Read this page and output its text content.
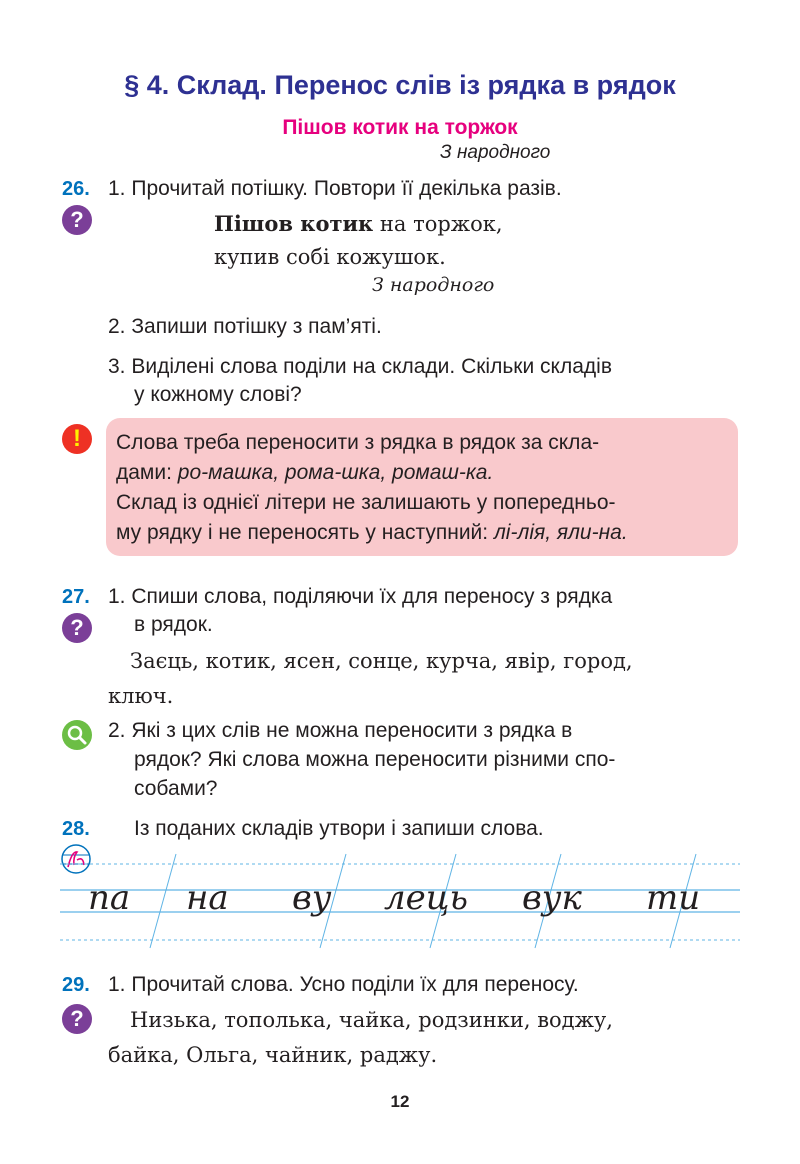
§ 4. Склад. Перенос слів із рядка в рядок
Пішов котик на торжок
З народного
26. 1. Прочитай потішку. Повтори її декілька разів.
?	Пішов котик на торжок,
купив собі кожушок.
З народного
2. Запиши потішку з пам’яті.
3. Виділені слова поділи на склади. Скільки складів
у кожному слові?
!	Слова треба переносити з рядка в рядок за скла-
дами: ро-машка, рома-шка, ромаш-ка.
Склад із однієї літери не залишають у попередньо-
му рядку і не переносять у наступний: лі-лія, яли-на.
27. 1. Спиши слова, поділяючи їх для переносу з рядка
?	в рядок.
Заєць, котик, ясен, сонце, курча, явір, город,
ключ.
2. Які з цих слів не можна переносити з рядка в
рядок? Які слова можна переносити різними спо-
собами?
28. Із поданих складів утвори і запиши слова.
па на ву лець вук ти
29. 1. Прочитай слова. Усно поділи їх для переносу.
?	Низька, тополька, чайка, родзинки, воджу,
байка, Ольга, чайник, раджу.
12
